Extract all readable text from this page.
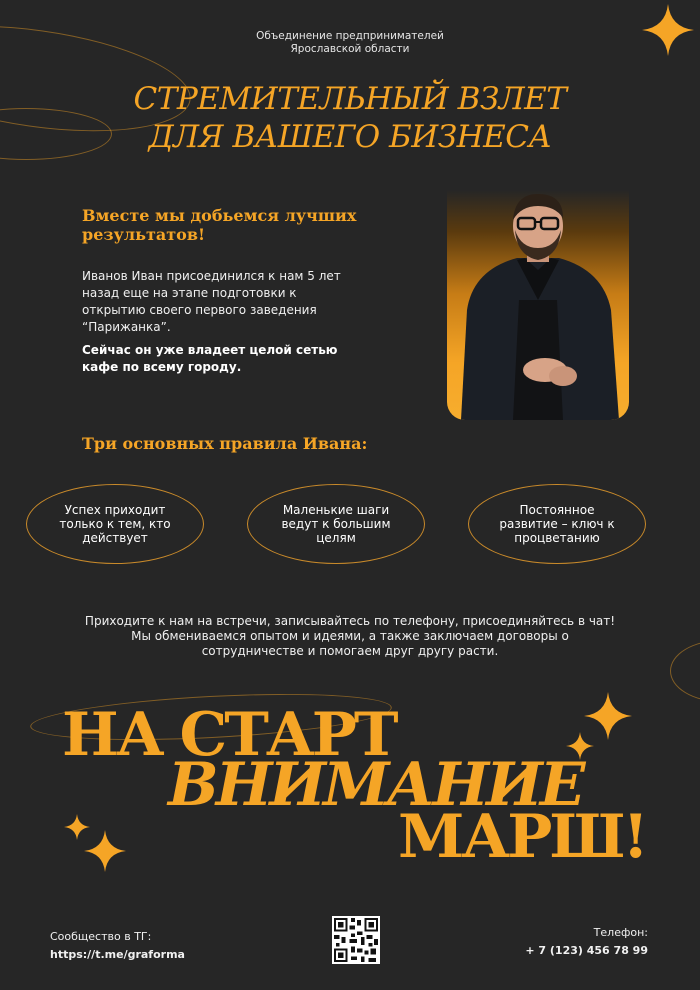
Объединение предпринимателей
Ярославской области
СТРЕМИТЕЛЬНЫЙ ВЗЛЕТ
ДЛЯ ВАШЕГО БИЗНЕСА
Вместе мы добьемся лучших
результатов!
Иванов Иван присоединился к нам 5 лет
назад еще на этапе подготовки к
открытию своего первого заведения
“Парижанка”.
Сейчас он уже владеет целой сетью
кафе по всему городу.
Три основных правила Ивана:
Успех приходит только к тем, кто действует
Маленькие шаги ведут к большим целям
Постоянное развитие – ключ к процветанию
Приходите к нам на встречи, записывайтесь по телефону, присоединяйтесь в чат!
Мы обмениваемся опытом и идеями, а также заключаем договоры о
сотрудничестве и помогаем друг другу расти.
НА СТАРТ
ВНИМАНИЕ
МАРШ!
Сообщество в ТГ:
https://t.me/graforma
Телефон:
+ 7 (123) 456 78 99
